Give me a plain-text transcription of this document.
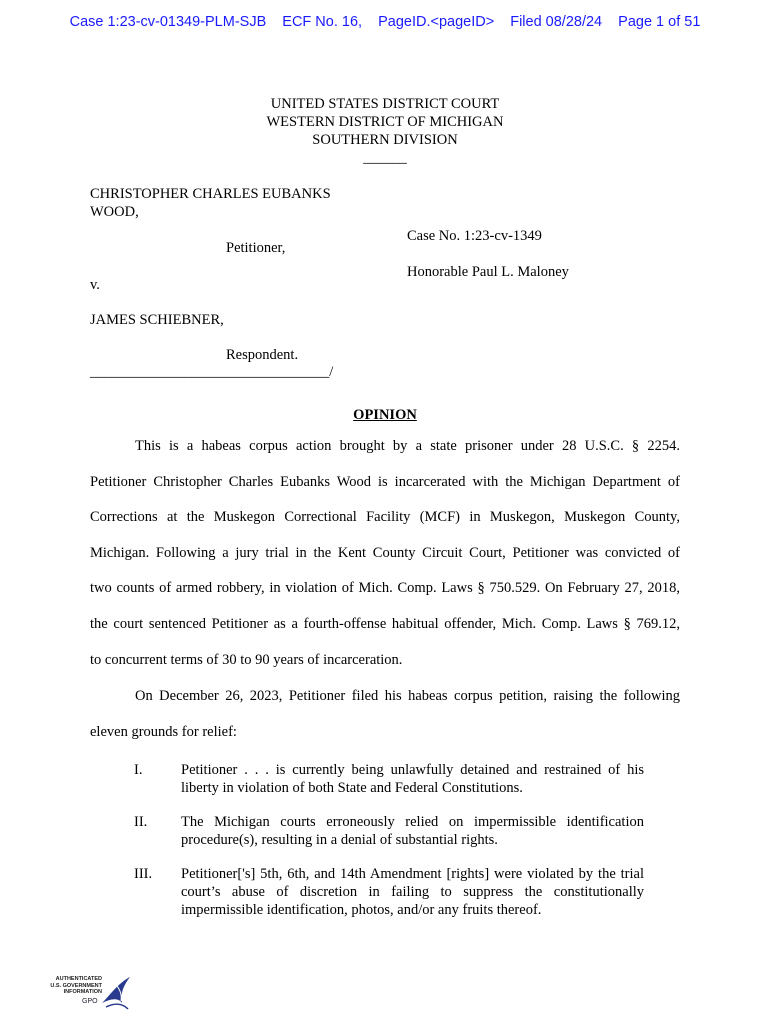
Case 1:23-cv-01349-PLM-SJB ECF No. 16, PageID.<pageID> Filed 08/28/24 Page 1 of 51
UNITED STATES DISTRICT COURT
WESTERN DISTRICT OF MICHIGAN
SOUTHERN DIVISION
______
CHRISTOPHER CHARLES EUBANKS
WOOD,
Petitioner,
v.
JAMES SCHIEBNER,
Respondent.
_________________________________/
Case No. 1:23-cv-1349
Honorable Paul L. Maloney
OPINION
This is a habeas corpus action brought by a state prisoner under 28 U.S.C. § 2254.
Petitioner Christopher Charles Eubanks Wood is incarcerated with the Michigan Department of
Corrections at the Muskegon Correctional Facility (MCF) in Muskegon, Muskegon County,
Michigan. Following a jury trial in the Kent County Circuit Court, Petitioner was convicted of
two counts of armed robbery, in violation of Mich. Comp. Laws § 750.529. On February 27, 2018,
the court sentenced Petitioner as a fourth-offense habitual offender, Mich. Comp. Laws § 769.12,
to concurrent terms of 30 to 90 years of incarceration.
On December 26, 2023, Petitioner filed his habeas corpus petition, raising the following
eleven grounds for relief:
I.	Petitioner . . . is currently being unlawfully detained and restrained of his liberty in violation of both State and Federal Constitutions.
II. The Michigan courts erroneously relied on impermissible identification procedure(s), resulting in a denial of substantial rights.
III. Petitioner['s] 5th, 6th, and 14th Amendment [rights] were violated by the trial court’s abuse of discretion in failing to suppress the constitutionally impermissible identification, photos, and/or any fruits thereof.
AUTHENTICATED
U.S. GOVERNMENT
INFORMATION
GPO
